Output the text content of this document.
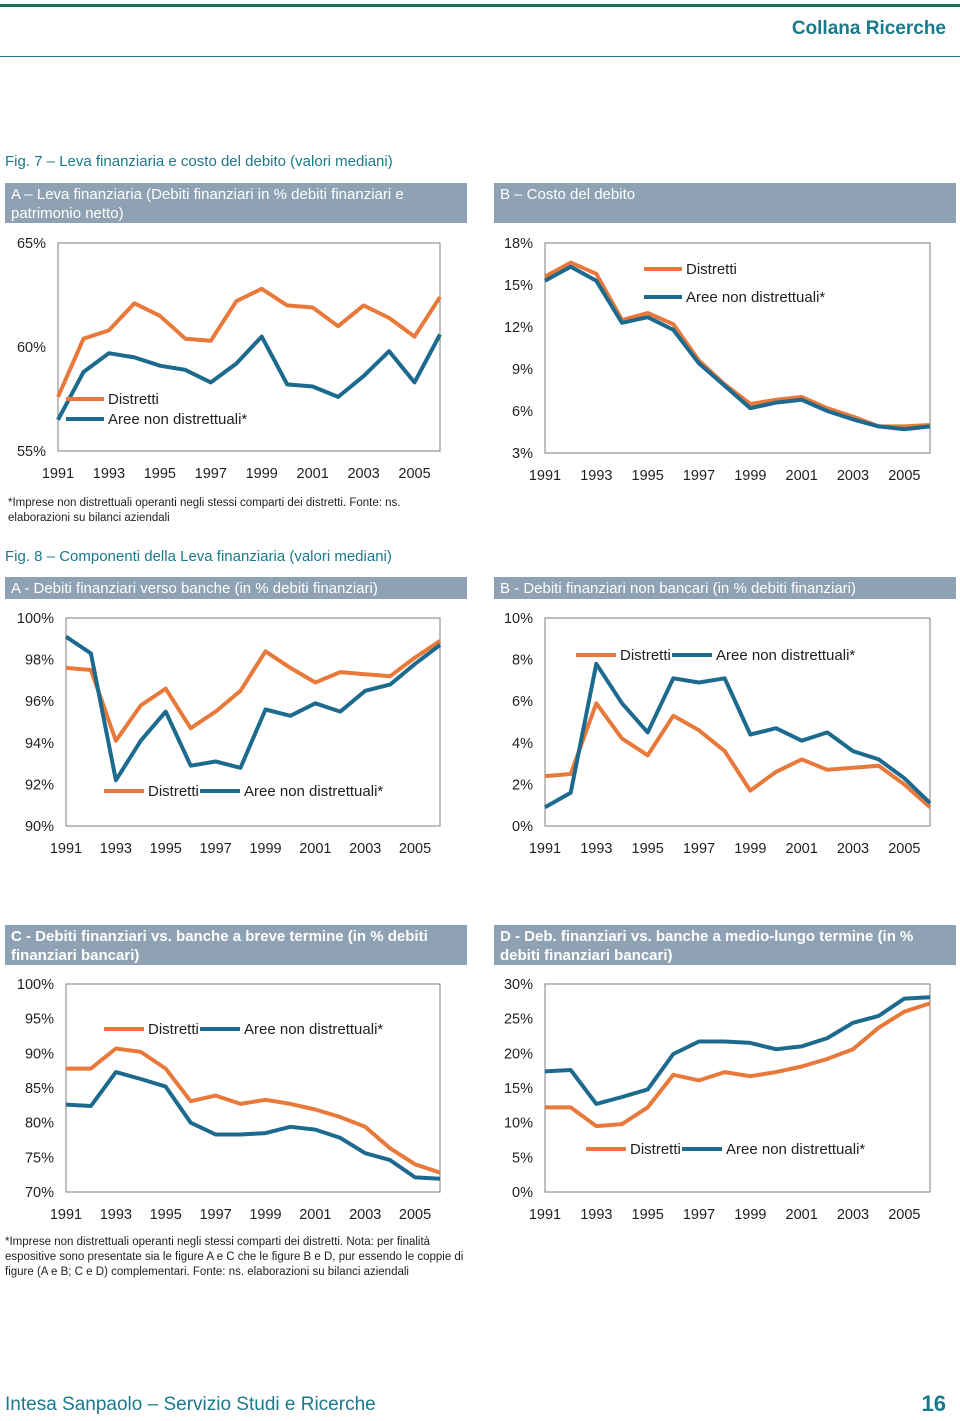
Collana Ricerche
Fig. 7 – Leva finanziaria e costo del debito (valori mediani)
A – Leva finanziaria (Debiti finanziari in % debiti finanziari e patrimonio netto)
B – Costo del debito
*Imprese non distrettuali operanti negli stessi comparti dei distretti. Fonte: ns. elaborazioni su bilanci aziendali
Fig. 8 – Componenti della Leva finanziaria (valori mediani)
A - Debiti finanziari verso banche (in % debiti finanziari)	B - Debiti finanziari non bancari (in % debiti finanziari)
C - Debiti finanziari vs. banche a breve termine (in % debiti finanziari bancari)
D - Deb. finanziari vs. banche a medio-lungo termine (in % debiti finanziari bancari)
*Imprese non distrettuali operanti negli stessi comparti dei distretti. Nota: per finalità espositive sono presentate sia le figure A e C che le figure B e D, pur essendo le coppie di figure (A e B; C e D) complementari. Fonte: ns. elaborazioni su bilanci aziendali
Intesa Sanpaolo – Servizio Studi e Ricerche	16
55%
60%
65%
1991 1993 1995 1997 1999 2001 2003 2005
Distretti
Aree non distrettuali*
3%
6%
9%
12%
15%
18%
1991 1993 1995 1997 1999 2001 2003 2005
Distretti
Aree non distrettuali*
90%
92%
94%
96%
98%
100%
1991 1993 1995 1997 1999 2001 2003 2005
Distretti	Aree non distrettuali*
0%
2%
4%
6%
8%
10%
1991 1993 1995 1997 1999 2001 2003 2005
Distretti	Aree non distrettuali*
70%
75%
80%
85%
90%
95%
100%
1991 1993 1995 1997 1999 2001 2003 2005
Distretti	Aree non distrettuali*
0%
5%
10%
15%
20%
25%
30%
1991 1993 1995 1997 1999 2001 2003 2005
Distretti	Aree non distrettuali*
